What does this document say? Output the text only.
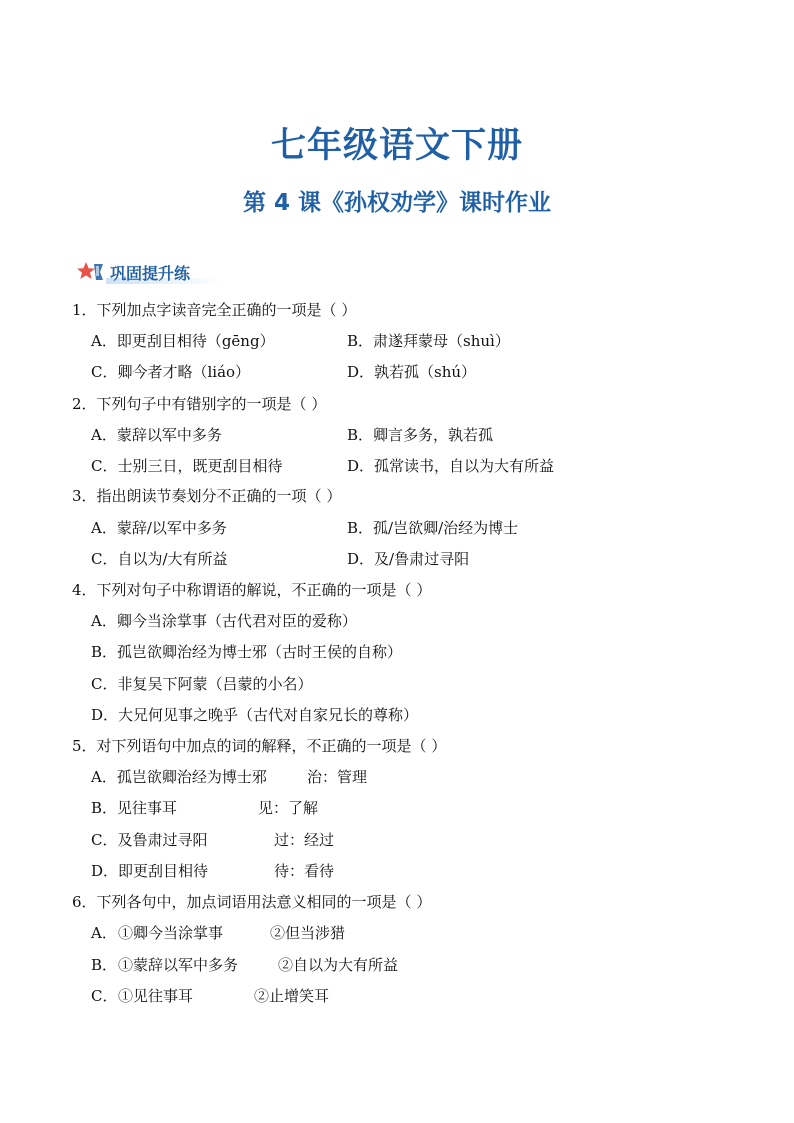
七年级语文下册
第 4 课《孙权劝学》课时作业
巩固提升练
1．下列加点字读音完全正确的一项是（ ）
A．即更刮目相待（gēng）	B．肃遂拜蒙母（shuì）
C．卿今者才略（liáo）	D．孰若孤（shú）
2．下列句子中有错别字的一项是（ ）
A．蒙辞以军中多务	B．卿言多务，孰若孤
C．士别三日，既更刮目相待	D．孤常读书，自以为大有所益
3．指出朗读节奏划分不正确的一项（ ）
A．蒙辞/以军中多务	B．孤/岂欲卿/治经为博士
C．自以为/大有所益	D．及/鲁肃过寻阳
4．下列对句子中称谓语的解说，不正确的一项是（ ）
A．卿今当涂掌事（古代君对臣的爱称）
B．孤岂欲卿治经为博士邪（古时王侯的自称）
C．非复吴下阿蒙（吕蒙的小名）
D．大兄何见事之晚乎（古代对自家兄长的尊称）
5．对下列语句中加点的词的解释，不正确的一项是（ ）
A．孤岂欲卿治经为博士邪	治：管理
B．见往事耳	见：了解
C．及鲁肃过寻阳	过：经过
D．即更刮目相待	待：看待
6．下列各句中，加点词语用法意义相同的一项是（ ）
A． ①卿今当涂掌事	②但当涉猎
B． ①蒙辞以军中多务	②自以为大有所益
C． ①见往事耳	②止增笑耳
